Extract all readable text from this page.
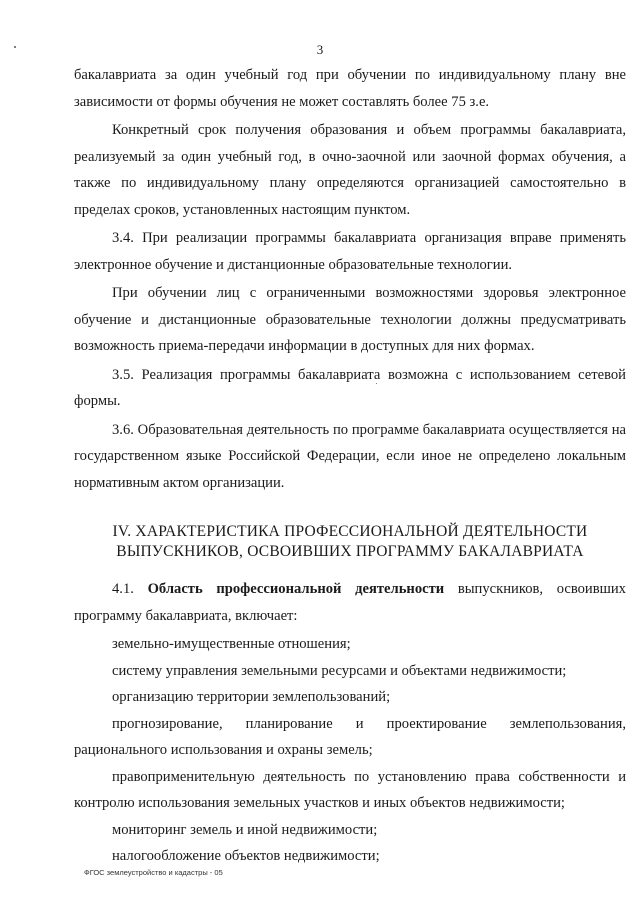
3

бакалавриата за один учебный год при обучении по индивидуальному плану вне зависимости от формы обучения не может составлять более 75 з.е.

Конкретный срок получения образования и объем программы бакалавриата, реализуемый за один учебный год, в очно-заочной или заочной формах обучения, а также по индивидуальному плану определяются организацией самостоятельно в пределах сроков, установленных настоящим пунктом.

3.4. При реализации программы бакалавриата организация вправе применять электронное обучение и дистанционные образовательные технологии.

При обучении лиц с ограниченными возможностями здоровья электронное обучение и дистанционные образовательные технологии должны предусматривать возможность приема-передачи информации в доступных для них формах.

3.5. Реализация программы бакалавриата возможна с использованием сетевой формы.

3.6. Образовательная деятельность по программе бакалавриата осуществляется на государственном языке Российской Федерации, если иное не определено локальным нормативным актом организации.

IV. ХАРАКТЕРИСТИКА ПРОФЕССИОНАЛЬНОЙ ДЕЯТЕЛЬНОСТИ
ВЫПУСКНИКОВ, ОСВОИВШИХ ПРОГРАММУ БАКАЛАВРИАТА

4.1. Область профессиональной деятельности выпускников, освоивших программу бакалавриата, включает:

земельно-имущественные отношения;

систему управления земельными ресурсами и объектами недвижимости;

организацию территории землепользований;

прогнозирование, планирование и проектирование землепользования, рационального использования и охраны земель;

правоприменительную деятельность по установлению права собственности и контролю использования земельных участков и иных объектов недвижимости;

мониторинг земель и иной недвижимости;

налогообложение объектов недвижимости;

ФГОС землеустройство и кадастры - 05
